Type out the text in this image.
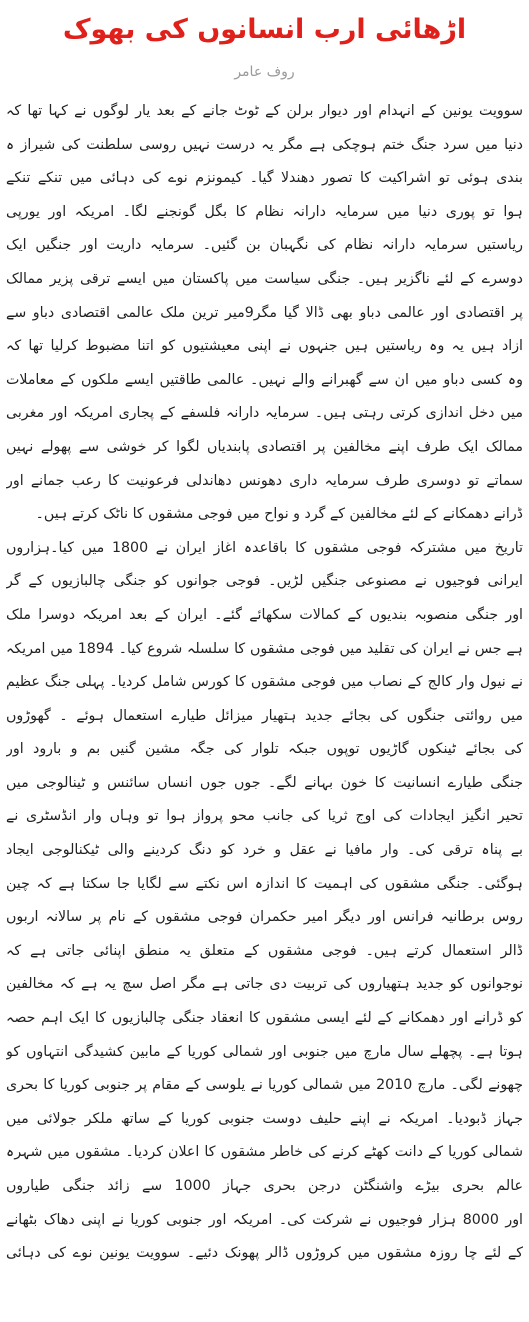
اڑھائی ارب انسانوں کی بھوک
روف عامر
سوویت یونین کے انہدام اور دیوار برلن کے ٹوٹ جانے کے بعد یار لوگوں نے کہا تھا کہ
دنیا میں سرد جنگ ختم ہوچکی ہے مگر یہ درست نہیں روسی سلطنت کی شیراز ہ
بندی ہوئی تو اشراکیت کا تصور دھندلا گیا۔ کیمونزم نوے کی دہائی میں تنکے تنکے
ہوا تو پوری دنیا میں سرمایہ دارانہ نظام کا بگل گونجنے لگا۔ امریکہ اور یورپی
ریاستیں سرمایہ دارانہ نظام کی نگہبان بن گئیں۔ سرمایہ داریت اور جنگیں ایک
دوسرے کے لئے ناگزیر ہیں۔ جنگی سیاست میں پاکستان میں ایسے ترقی پزیر ممالک
پر اقتصادی اور عالمی دباو بھی ڈالا گیا مگر9میر ترین ملک عالمی اقتصادی دباو سے
ازاد ہیں یہ وہ ریاستیں ہیں جنہوں نے اپنی معیشتیوں کو اتنا مضبوط کرلیا تھا کہ
وہ کسی دباو میں ان سے گھبرانے والے نہیں۔ عالمی طاقتیں ایسے ملکوں کے معاملات
میں دخل اندازی کرتی رہتی ہیں۔ سرمایہ دارانہ فلسفے کے پجاری امریکہ اور مغربی
ممالک ایک طرف اپنے مخالفین پر اقتصادی پابندیاں لگوا کر خوشی سے پھولے نہیں
سماتے تو دوسری طرف سرمایہ داری دھونس دھاندلی فرعونیت کا رعب جمانے اور
ڈرانے دھمکانے کے لئے مخالفین کے گرد و نواح میں فوجی مشقوں کا ناٹک کرتے ہیں۔
تاریخ میں مشترکہ فوجی مشقوں کا باقاعدہ اغاز ایران نے 1800 میں کیا۔ہزاروں
ایرانی فوجیوں نے مصنوعی جنگیں لڑیں۔ فوجی جوانوں کو جنگی چالبازیوں کے گر
اور جنگی منصوبہ بندیوں کے کمالات سکھائے گئے۔ ایران کے بعد امریکہ دوسرا ملک
ہے جس نے ایران کی تقلید میں فوجی مشقوں کا سلسلہ شروع کیا۔ 1894 میں امریکہ
نے نیول وار کالج کے نصاب میں فوجی مشقوں کا کورس شامل کردیا۔ پہلی جنگ عظیم
میں روائتی جنگوں کی بجائے جدید ہتھیار میزائل طیارے استعمال ہوئے ۔ گھوڑوں
کی بجائے ٹینکوں گاڑیوں توپوں جبکہ تلوار کی جگہ مشین گنیں بم و بارود اور
جنگی طیارے انسانیت کا خون بہانے لگے۔ جوں جوں انساں سائنس و ٹینالوجی میں
تحیر انگیز ایجادات کی اوج ثریا کی جانب محو پرواز ہوا تو وہاں وار انڈسٹری نے
بے پناہ ترقی کی۔ وار مافیا نے عقل و خرد کو دنگ کردینے والی ٹیکنالوجی ایجاد
ہوگئی۔ جنگی مشقوں کی اہمیت کا اندازہ اس نکتے سے لگایا جا سکتا ہے کہ چین
روس برطانیہ فرانس اور دیگر امیر حکمران فوجی مشقوں کے نام پر سالانہ اربوں
ڈالر استعمال کرتے ہیں۔ فوجی مشقوں کے متعلق یہ منطق اپنائی جاتی ہے کہ
نوجوانوں کو جدید ہتھیاروں کی تربیت دی جاتی ہے مگر اصل سچ یہ ہے کہ مخالفین
کو ڈرانے اور دھمکانے کے لئے ایسی مشقوں کا انعقاد جنگی چالبازیوں کا ایک اہم حصہ
ہوتا ہے۔ پچھلے سال مارچ میں جنوبی اور شمالی کوریا کے مابین کشیدگی انتہاوں کو
چھونے لگی۔ مارچ 2010 میں شمالی کوریا نے یلوسی کے مقام پر جنوبی کوریا کا بحری
جہاز ڈبودیا۔ امریکہ نے اپنے حلیف دوست جنوبی کوریا کے ساتھ ملکر جولائی میں
شمالی کوریا کے دانت کھٹے کرنے کی خاطر مشقوں کا اعلان کردیا۔ مشقوں میں شہرہ
عالم بحری بیڑے واشنگٹن درجن بحری جہاز 1000 سے زائد جنگی طیاروں
اور 8000 ہزار فوجیوں نے شرکت کی۔ امریکہ اور جنوبی کوریا نے اپنی دھاک بٹھانے
کے لئے چا روزہ مشقوں میں کروڑوں ڈالر پھونک دئیے۔ سوویت یونین نوے کی دہائی
